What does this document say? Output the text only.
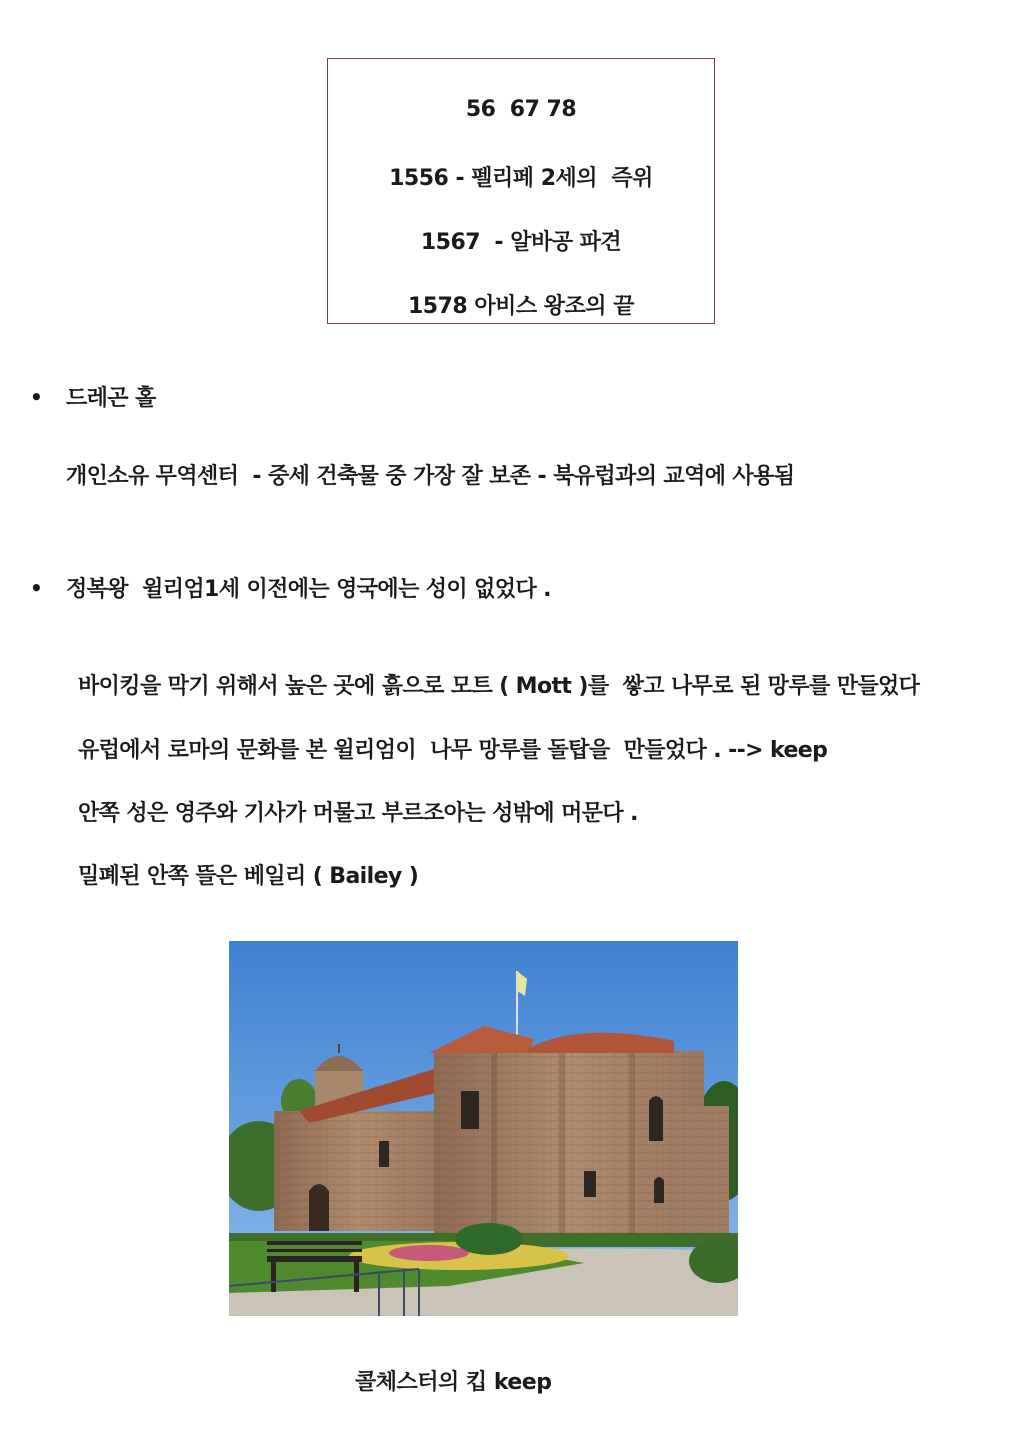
56  67 78
1556 - 펠리페 2세의  즉위
1567  - 알바공 파견
1578 아비스 왕조의 끝
• 드레곤 홀
개인소유 무역센터  - 중세 건축물 중 가장 잘 보존 - 북유럽과의 교역에 사용됨
• 정복왕  윌리엄1세 이전에는 영국에는 성이 없었다 .
바이킹을 막기 위해서 높은 곳에 흙으로 모트 ( Mott )를  쌓고 나무로 된 망루를 만들었다
유럽에서 로마의 문화를 본 윌리엄이  나무 망루를 돌탑을  만들었다 . --> keep
안쪽 성은 영주와 기사가 머물고 부르조아는 성밖에 머문다 .
밀폐된 안쪽 뜰은 베일리 ( Bailey )
콜체스터의 킵 keep
